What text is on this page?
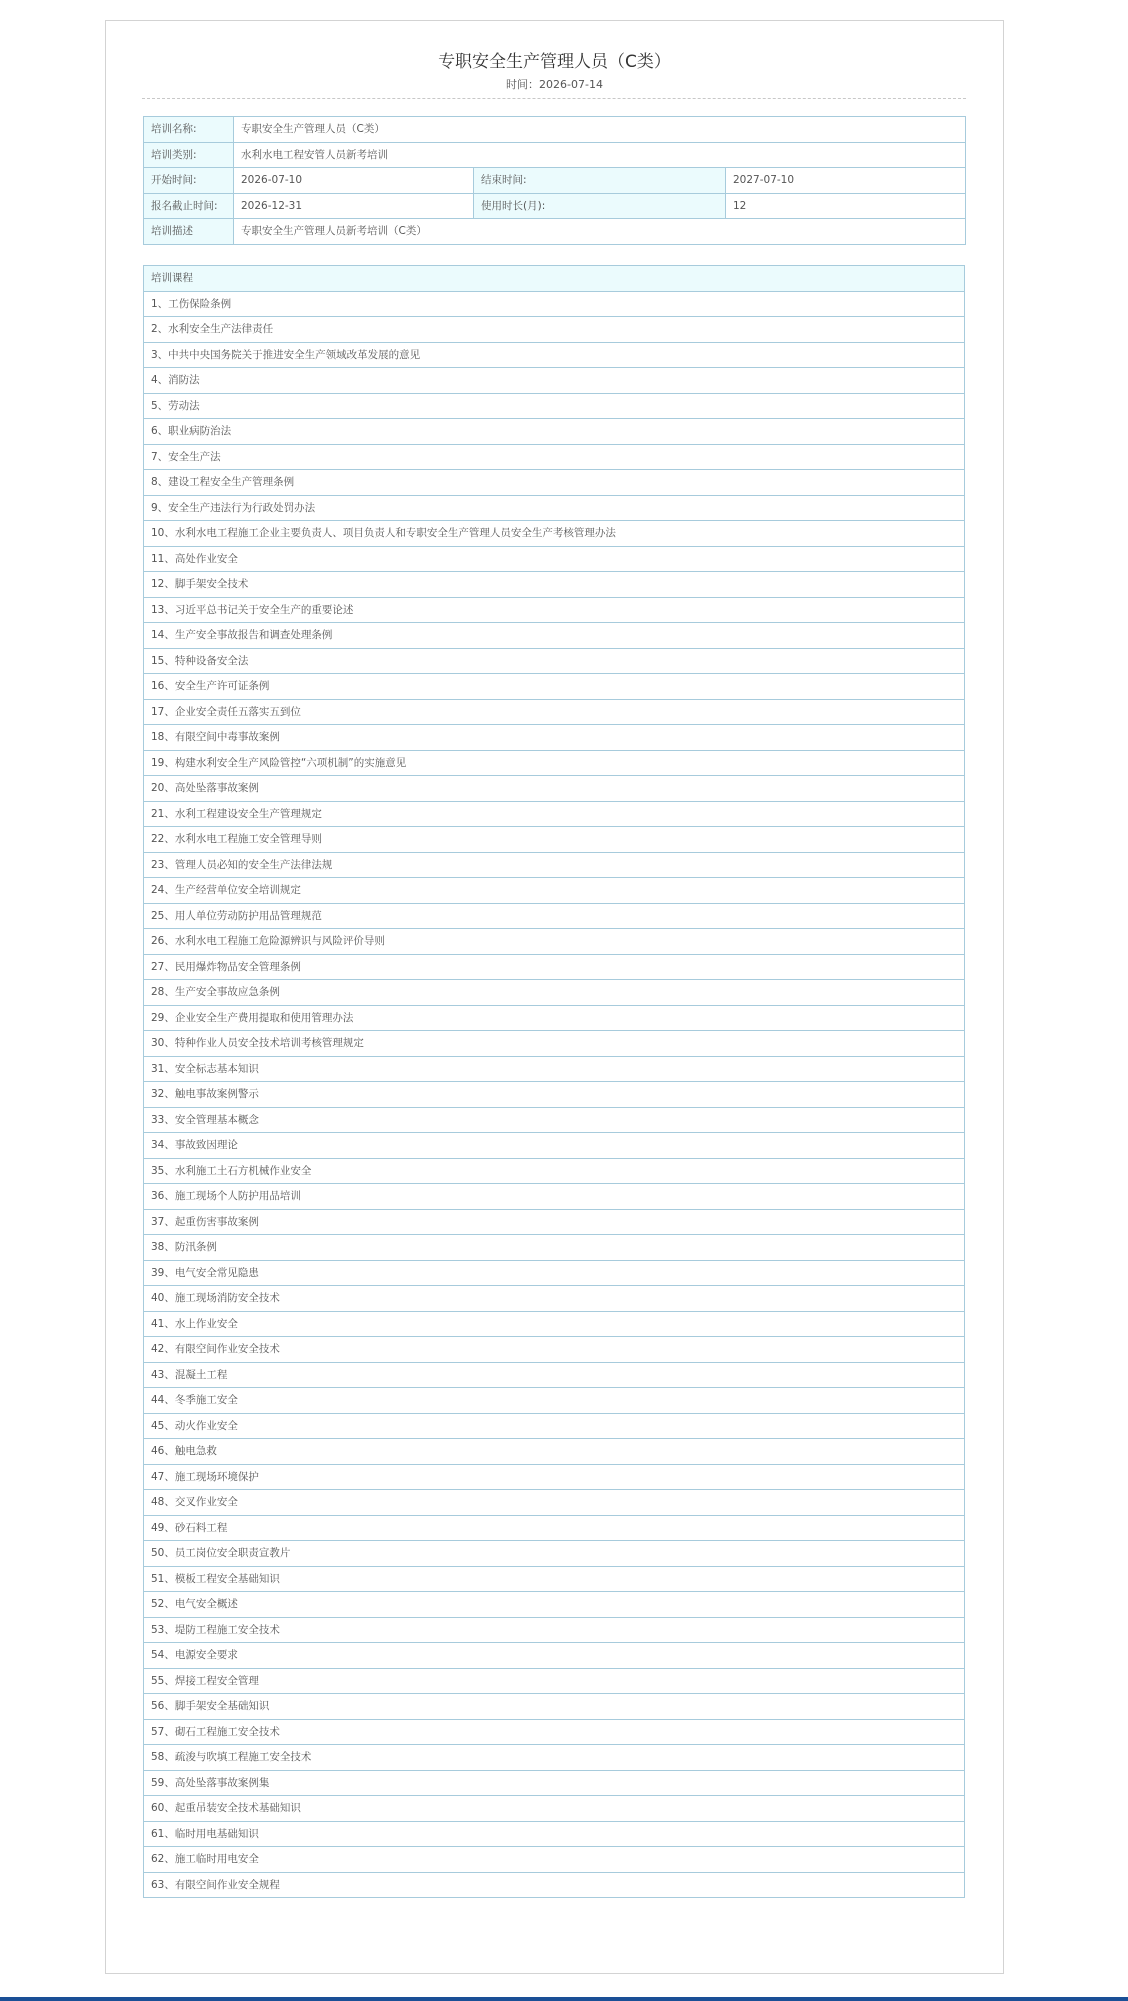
专职安全生产管理人员（C类）
时间：2026-07-14
培训名称:	专职安全生产管理人员（C类）		
培训类别:	水利水电工程安管人员新考培训		
开始时间:	2026-07-10	结束时间:	2027-07-10
报名截止时间:	2026-12-31	使用时长(月):	12
培训描述	专职安全生产管理人员新考培训（C类）		
培训课程
1、工伤保险条例
2、水利安全生产法律责任
3、中共中央国务院关于推进安全生产领域改革发展的意见
4、消防法
5、劳动法
6、职业病防治法
7、安全生产法
8、建设工程安全生产管理条例
9、安全生产违法行为行政处罚办法
10、水利水电工程施工企业主要负责人、项目负责人和专职安全生产管理人员安全生产考核管理办法
11、高处作业安全
12、脚手架安全技术
13、习近平总书记关于安全生产的重要论述
14、生产安全事故报告和调查处理条例
15、特种设备安全法
16、安全生产许可证条例
17、企业安全责任五落实五到位
18、有限空间中毒事故案例
19、构建水利安全生产风险管控“六项机制”的实施意见
20、高处坠落事故案例
21、水利工程建设安全生产管理规定
22、水利水电工程施工安全管理导则
23、管理人员必知的安全生产法律法规
24、生产经营单位安全培训规定
25、用人单位劳动防护用品管理规范
26、水利水电工程施工危险源辨识与风险评价导则
27、民用爆炸物品安全管理条例
28、生产安全事故应急条例
29、企业安全生产费用提取和使用管理办法
30、特种作业人员安全技术培训考核管理规定
31、安全标志基本知识
32、触电事故案例警示
33、安全管理基本概念
34、事故致因理论
35、水利施工土石方机械作业安全
36、施工现场个人防护用品培训
37、起重伤害事故案例
38、防汛条例
39、电气安全常见隐患
40、施工现场消防安全技术
41、水上作业安全
42、有限空间作业安全技术
43、混凝土工程
44、冬季施工安全
45、动火作业安全
46、触电急救
47、施工现场环境保护
48、交叉作业安全
49、砂石料工程
50、员工岗位安全职责宣教片
51、模板工程安全基础知识
52、电气安全概述
53、堤防工程施工安全技术
54、电源安全要求
55、焊接工程安全管理
56、脚手架安全基础知识
57、砌石工程施工安全技术
58、疏浚与吹填工程施工安全技术
59、高处坠落事故案例集
60、起重吊装安全技术基础知识
61、临时用电基础知识
62、施工临时用电安全
63、有限空间作业安全规程
